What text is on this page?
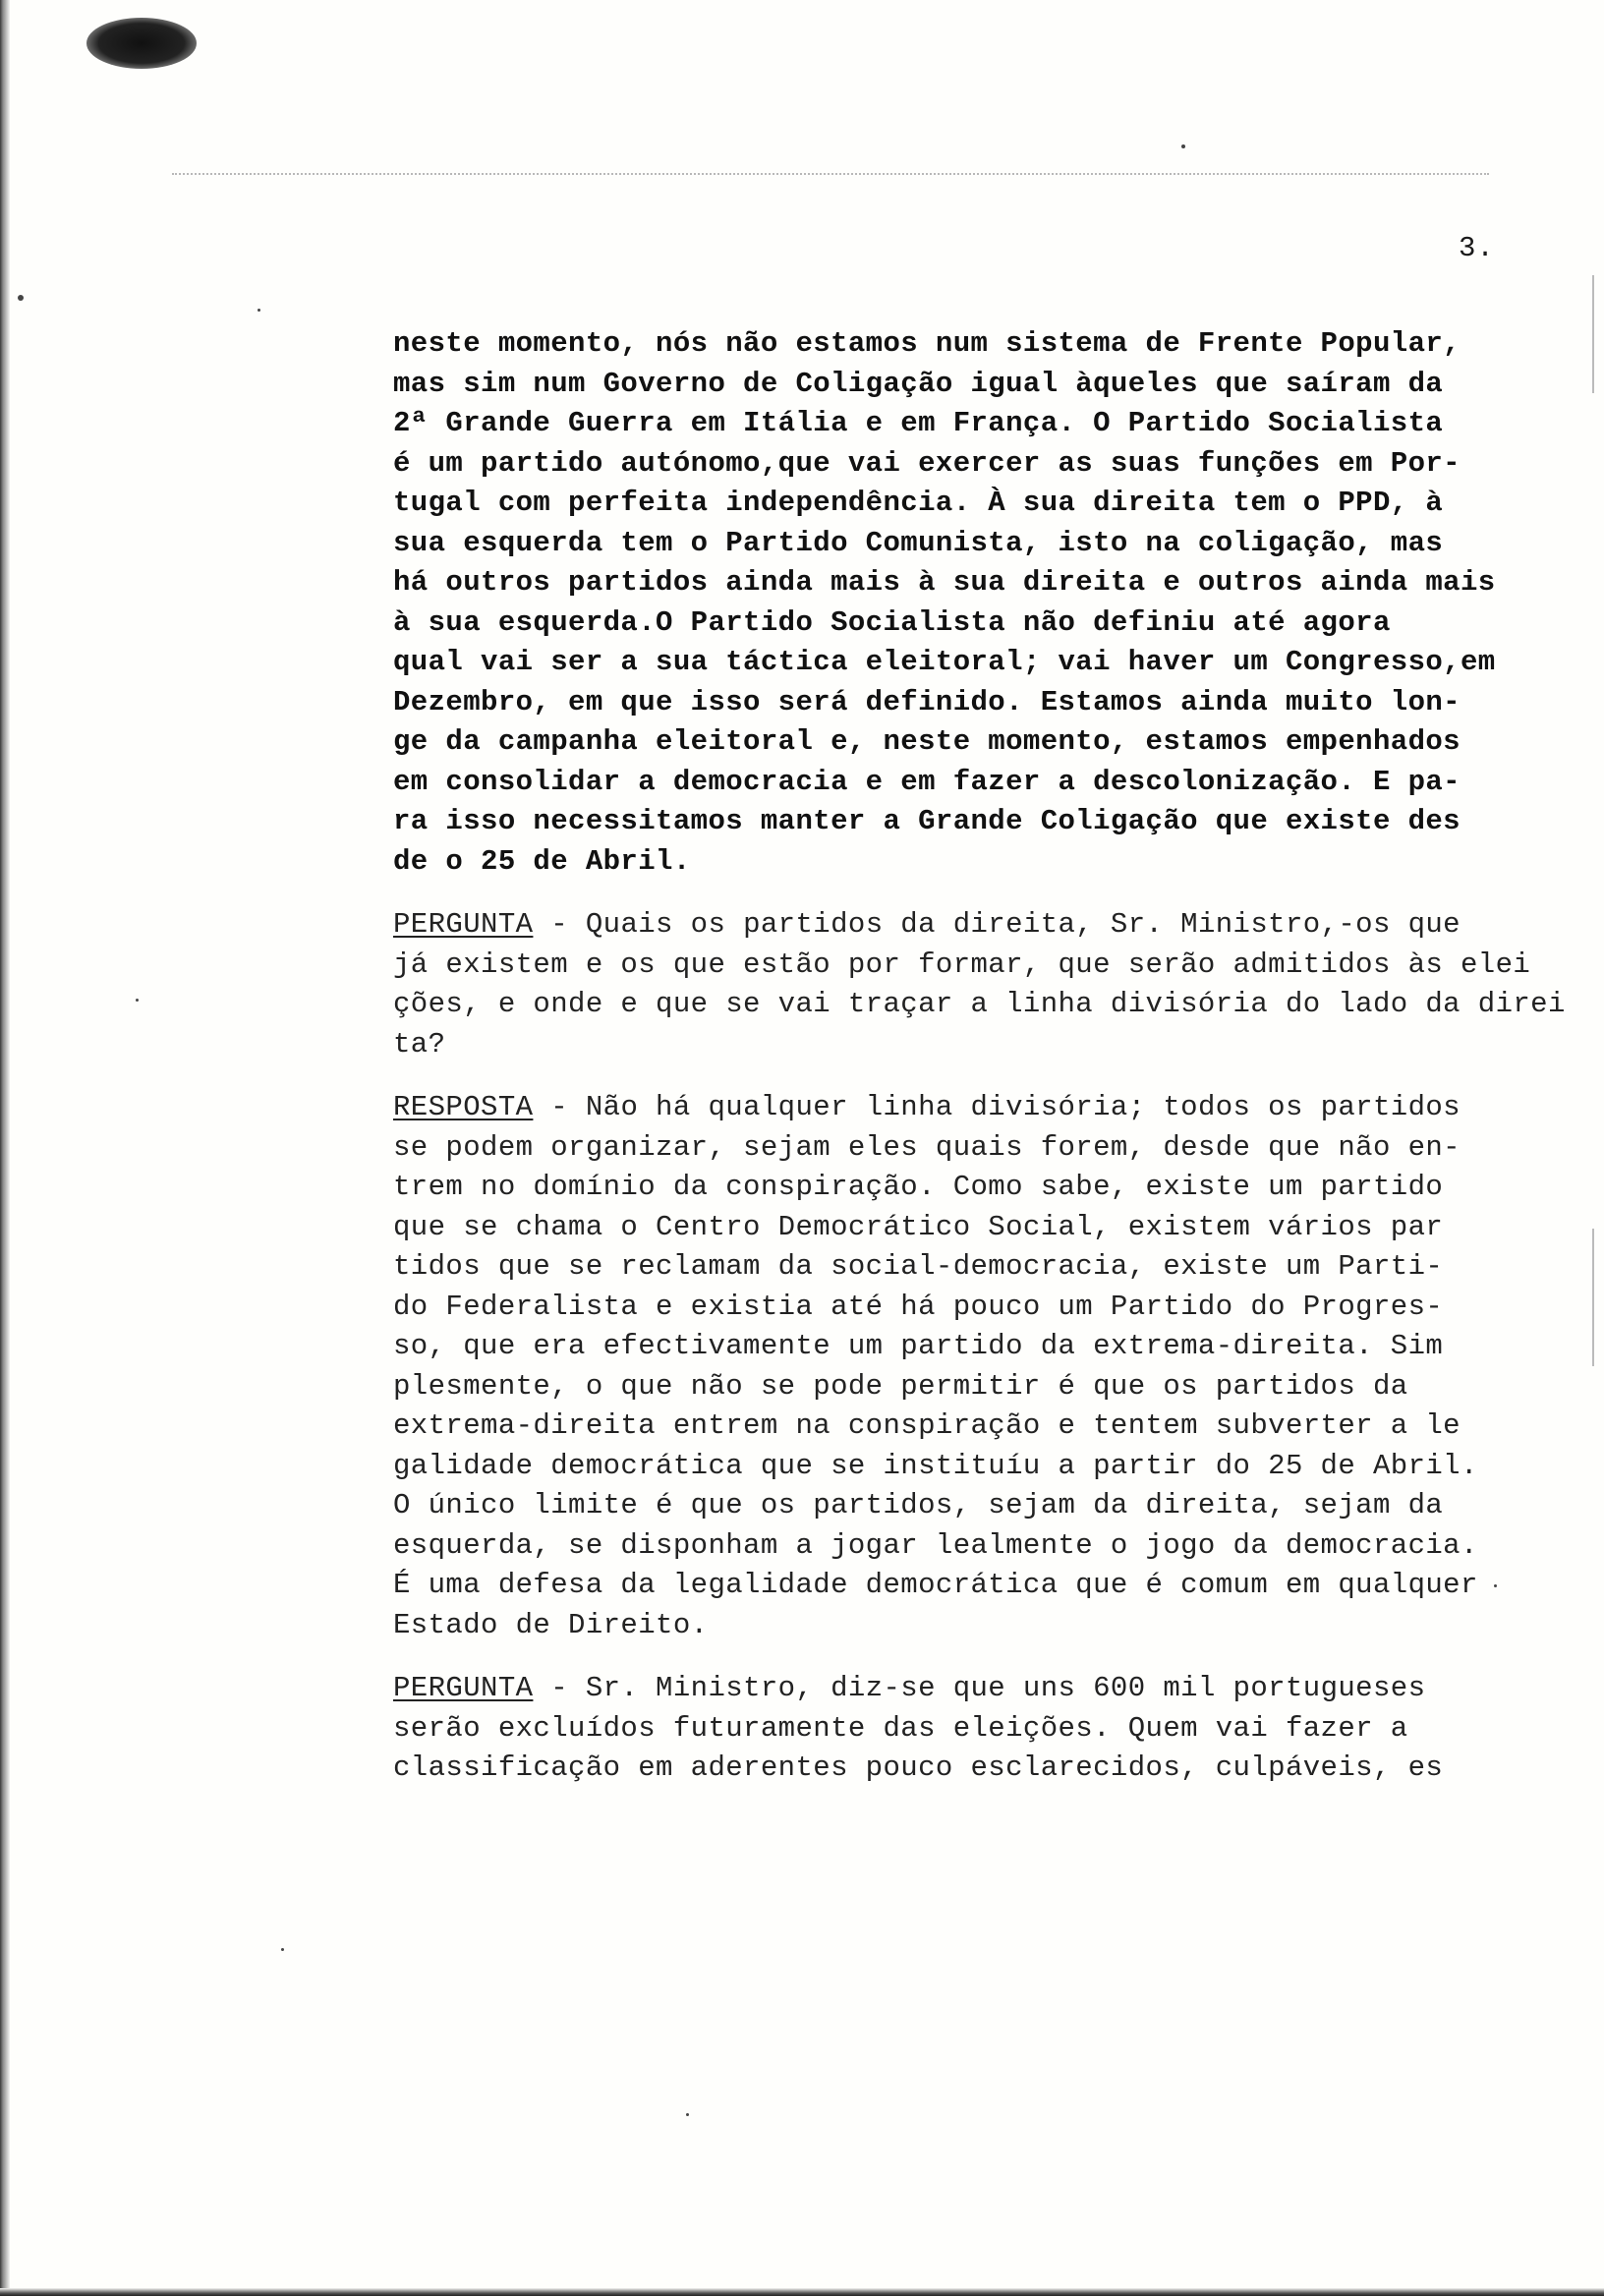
3.
neste momento, nós não estamos num sistema de Frente Popular,
mas sim num Governo de Coligação igual àqueles que saíram da
2ª Grande Guerra em Itália e em França. O Partido Socialista
é um partido autónomo,que vai exercer as suas funções em Por-
tugal com perfeita independência. À sua direita tem o PPD, à
sua esquerda tem o Partido Comunista, isto na coligação, mas
há outros partidos ainda mais à sua direita e outros ainda mais
à sua esquerda.O Partido Socialista não definiu até agora
qual vai ser a sua táctica eleitoral; vai haver um Congresso,em
Dezembro, em que isso será definido. Estamos ainda muito lon-
ge da campanha eleitoral e, neste momento, estamos empenhados
em consolidar a democracia e em fazer a descolonização. E pa-
ra isso necessitamos manter a Grande Coligação que existe des
de o 25 de Abril.
PERGUNTA - Quais os partidos da direita, Sr. Ministro,-os que
já existem e os que estão por formar, que serão admitidos às elei
ções, e onde e que se vai traçar a linha divisória do lado da direi
ta?
RESPOSTA - Não há qualquer linha divisória; todos os partidos
se podem organizar, sejam eles quais forem, desde que não en-
trem no domínio da conspiração. Como sabe, existe um partido
que se chama o Centro Democrático Social, existem vários par
tidos que se reclamam da social-democracia, existe um Parti-
do Federalista e existia até há pouco um Partido do Progres-
so, que era efectivamente um partido da extrema-direita. Sim
plesmente, o que não se pode permitir é que os partidos da
extrema-direita entrem na conspiração e tentem subverter a le
galidade democrática que se instituíu a partir do 25 de Abril.
O único limite é que os partidos, sejam da direita, sejam da
esquerda, se disponham a jogar lealmente o jogo da democracia.
É uma defesa da legalidade democrática que é comum em qualquer
Estado de Direito.
PERGUNTA - Sr. Ministro, diz-se que uns 600 mil portugueses
serão excluídos futuramente das eleições. Quem vai fazer a
classificação em aderentes pouco esclarecidos, culpáveis, es
